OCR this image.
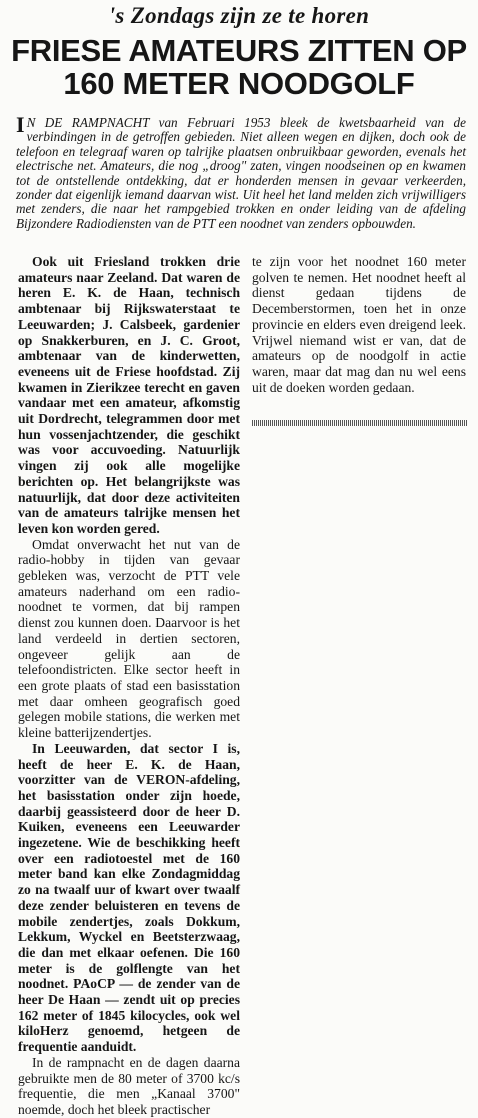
's Zondags zijn ze te horen
FRIESE AMATEURS ZITTEN OP 160 METER NOODGOLF

I N DE RAMPNACHT van Februari 1953 bleek de kwetsbaarheid van de verbindingen in de getroffen gebieden. Niet alleen wegen en dijken, doch ook de telefoon en telegraaf waren op talrijke plaatsen onbruikbaar geworden, evenals het electrische net. Amateurs, die nog „droog" zaten, vingen noodseinen op en kwamen tot de ontstellende ontdekking, dat er honderden mensen in gevaar verkeerden, zonder dat eigenlijk iemand daarvan wist. Uit heel het land melden zich vrijwilligers met zenders, die naar het rampgebied trokken en onder leiding van de afdeling Bijzondere Radiodiensten van de PTT een noodnet van zenders opbouwden.

Ook uit Friesland trokken drie amateurs naar Zeeland. Dat waren de heren E. K. de Haan, technisch ambtenaar bij Rijkswaterstaat te Leeuwarden; J. Calsbeek, gardenier op Snakkerburen, en J. C. Groot, ambtenaar van de kinderwetten, eveneens uit de Friese hoofdstad. Zij kwamen in Zierikzee terecht en gaven vandaar met een amateur, afkomstig uit Dordrecht, telegrammen door met hun vossenjachtzender, die geschikt was voor accuvoeding. Natuurlijk vingen zij ook alle mogelijke berichten op. Het belangrijkste was natuurlijk, dat door deze activiteiten van de amateurs talrijke mensen het leven kon worden gered.

Omdat onverwacht het nut van de radio-hobby in tijden van gevaar gebleken was, verzocht de PTT vele amateurs naderhand om een radio-noodnet te vormen, dat bij rampen dienst zou kunnen doen. Daarvoor is het land verdeeld in dertien sectoren, ongeveer gelijk aan de telefoondistricten. Elke sector heeft in een grote plaats of stad een basisstation met daar omheen geografisch goed gelegen mobile stations, die werken met kleine batterijzendertjes.

In Leeuwarden, dat sector I is, heeft de heer E. K. de Haan, voorzitter van de VERON-afdeling, het basisstation onder zijn hoede, daarbij geassisteerd door de heer D. Kuiken, eveneens een Leeuwarder ingezetene. Wie de beschikking heeft over een radiotoestel met de 160 meter band kan elke Zondagmiddag zo na twaalf uur of kwart over twaalf deze zender beluisteren en tevens de mobile zendertjes, zoals Dokkum, Lekkum, Wyckel en Beetsterzwaag, die dan met elkaar oefenen. Die 160 meter is de golflengte van het noodnet. PAoCP — de zender van de heer De Haan — zendt uit op precies 162 meter of 1845 kilocycles, ook wel kiloHerz genoemd, hetgeen de frequentie aanduidt.

In de rampnacht en de dagen daarna gebruikte men de 80 meter of 3700 kc/s frequentie, die men „Kanaal 3700" noemde, doch het bleek practischer

te zijn voor het noodnet 160 meter golven te nemen. Het noodnet heeft al dienst gedaan tijdens de Decemberstormen, toen het in onze provincie en elders even dreigend leek. Vrijwel niemand wist er van, dat de amateurs op de noodgolf in actie waren, maar dat mag dan nu wel eens uit de doeken worden gedaan.
